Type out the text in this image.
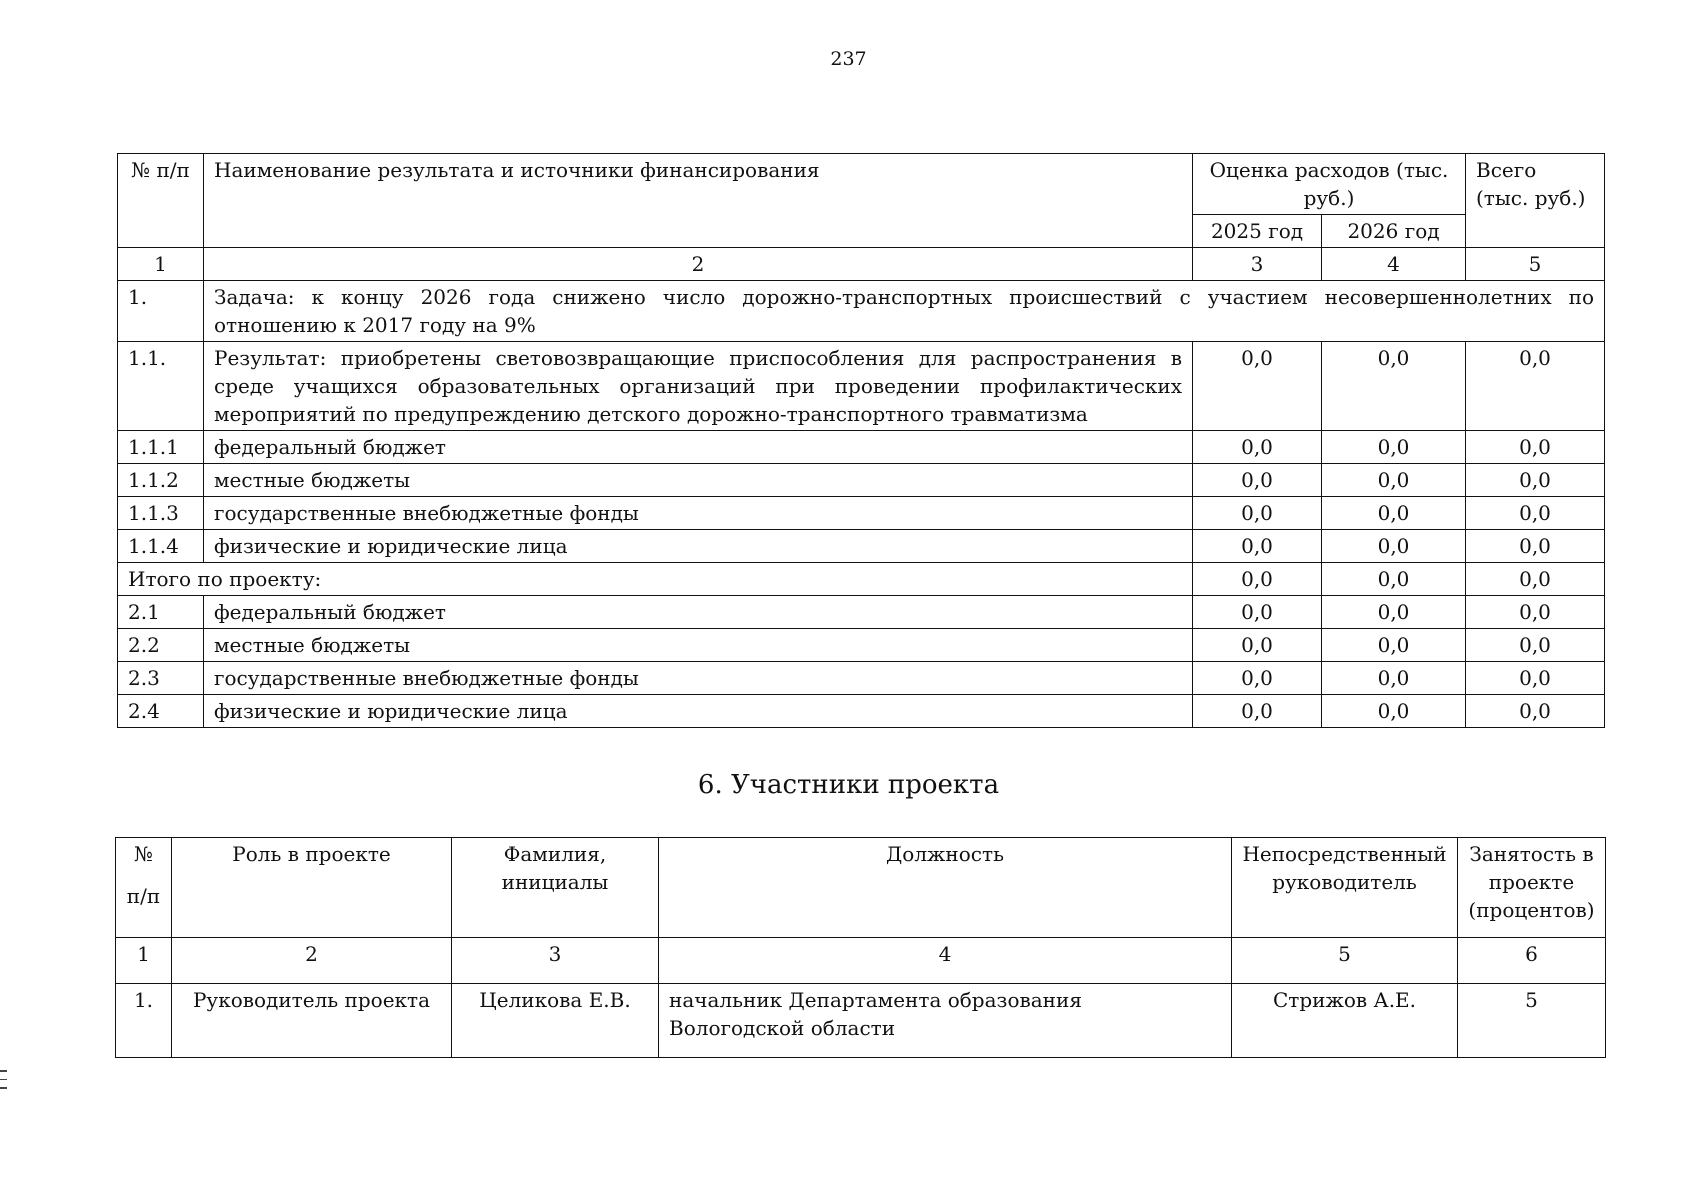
237
№ п/п	Наименование результата и источники финансирования	Оценка расходов (тыс. руб.)		Всего (тыс. руб.)
		2025 год	2026 год	
1	2	3	4	5
1.	Задача: к концу 2026 года снижено число дорожно-транспортных происшествий с участием несовершеннолетних по отношению к 2017 году на 9%			
1.1.	Результат: приобретены световозвращающие приспособления для распространения в среде учащихся образовательных организаций при проведении профилактических мероприятий по предупреждению детского дорожно-транспортного травматизма	0,0	0,0	0,0
1.1.1	федеральный бюджет	0,0	0,0	0,0
1.1.2	местные бюджеты	0,0	0,0	0,0
1.1.3	государственные внебюджетные фонды	0,0	0,0	0,0
1.1.4	физические и юридические лица	0,0	0,0	0,0
Итого по проекту:		0,0	0,0	0,0
2.1	федеральный бюджет	0,0	0,0	0,0
2.2	местные бюджеты	0,0	0,0	0,0
2.3	государственные внебюджетные фонды	0,0	0,0	0,0
2.4	физические и юридические лица	0,0	0,0	0,0
6. Участники проекта
№
п/п	Роль в проекте	Фамилия, инициалы	Должность	Непосредственный руководитель	Занятость в проекте (процентов)
1	2	3	4	5	6
1.	Руководитель проекта	Целикова Е.В.	начальник Департамента образования Вологодской области	Стрижов А.Е.	5
